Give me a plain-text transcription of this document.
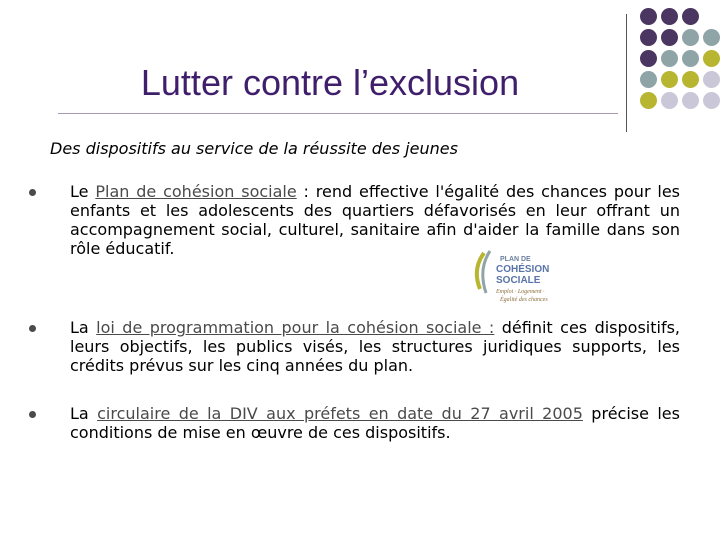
Lutter contre l’exclusion

Des dispositifs au service de la réussite des jeunes

Le Plan de cohésion sociale : rend effective l'égalité des chances pour les enfants et les adolescents des quartiers défavorisés en leur offrant un accompagnement social, culturel, sanitaire afin d'aider la famille dans son rôle éducatif.
PLAN DE
COHÉSION
SOCIALE
Emploi · Logement ·
Égalité des chances
La loi de programmation pour la cohésion sociale : définit ces dispositifs, leurs objectifs, les publics visés, les structures juridiques supports, les crédits prévus sur les cinq années du plan.
La circulaire de la DIV aux préfets en date du 27 avril 2005 précise les conditions de mise en œuvre de ces dispositifs.
